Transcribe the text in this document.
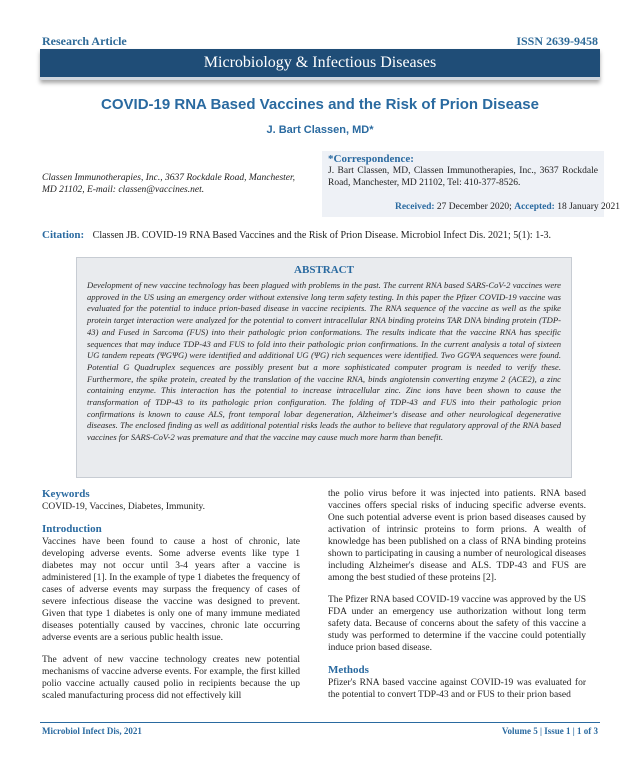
Research Article	ISSN 2639-9458
Microbiology & Infectious Diseases
COVID-19 RNA Based Vaccines and the Risk of Prion Disease
J. Bart Classen, MD*
Classen Immunotherapies, Inc., 3637 Rockdale Road, Manchester, MD 21102, E-mail: classen@vaccines.net.
*Correspondence:
J. Bart Classen, MD, Classen Immunotherapies, Inc., 3637 Rockdale Road, Manchester, MD 21102, Tel: 410-377-8526.
Received: 27 December 2020; Accepted: 18 January 2021
Citation: Classen JB. COVID-19 RNA Based Vaccines and the Risk of Prion Disease. Microbiol Infect Dis. 2021; 5(1): 1-3.
ABSTRACT
Development of new vaccine technology has been plagued with problems in the past. The current RNA based SARS-CoV-2 vaccines were approved in the US using an emergency order without extensive long term safety testing. In this paper the Pfizer COVID-19 vaccine was evaluated for the potential to induce prion-based disease in vaccine recipients. The RNA sequence of the vaccine as well as the spike protein target interaction were analyzed for the potential to convert intracellular RNA binding proteins TAR DNA binding protein (TDP-43) and Fused in Sarcoma (FUS) into their pathologic prion conformations. The results indicate that the vaccine RNA has specific sequences that may induce TDP-43 and FUS to fold into their pathologic prion confirmations. In the current analysis a total of sixteen UG tandem repeats (ΨGΨG) were identified and additional UG (ΨG) rich sequences were identified. Two GGΨA sequences were found. Potential G Quadruplex sequences are possibly present but a more sophisticated computer program is needed to verify these. Furthermore, the spike protein, created by the translation of the vaccine RNA, binds angiotensin converting enzyme 2 (ACE2), a zinc containing enzyme. This interaction has the potential to increase intracellular zinc. Zinc ions have been shown to cause the transformation of TDP-43 to its pathologic prion configuration. The folding of TDP-43 and FUS into their pathologic prion confirmations is known to cause ALS, front temporal lobar degeneration, Alzheimer's disease and other neurological degenerative diseases. The enclosed finding as well as additional potential risks leads the author to believe that regulatory approval of the RNA based vaccines for SARS-CoV-2 was premature and that the vaccine may cause much more harm than benefit.
Keywords
COVID-19, Vaccines, Diabetes, Immunity.
Introduction
Vaccines have been found to cause a host of chronic, late developing adverse events. Some adverse events like type 1 diabetes may not occur until 3-4 years after a vaccine is administered [1]. In the example of type 1 diabetes the frequency of cases of adverse events may surpass the frequency of cases of severe infectious disease the vaccine was designed to prevent. Given that type 1 diabetes is only one of many immune mediated diseases potentially caused by vaccines, chronic late occurring adverse events are a serious public health issue.
The advent of new vaccine technology creates new potential mechanisms of vaccine adverse events. For example, the first killed polio vaccine actually caused polio in recipients because the up scaled manufacturing process did not effectively kill
the polio virus before it was injected into patients. RNA based vaccines offers special risks of inducing specific adverse events. One such potential adverse event is prion based diseases caused by activation of intrinsic proteins to form prions. A wealth of knowledge has been published on a class of RNA binding proteins shown to participating in causing a number of neurological diseases including Alzheimer's disease and ALS. TDP-43 and FUS are among the best studied of these proteins [2].
The Pfizer RNA based COVID-19 vaccine was approved by the US FDA under an emergency use authorization without long term safety data. Because of concerns about the safety of this vaccine a study was performed to determine if the vaccine could potentially induce prion based disease.
Methods
Pfizer's RNA based vaccine against COVID-19 was evaluated for the potential to convert TDP-43 and or FUS to their prion based
Microbiol Infect Dis, 2021	Volume 5 | Issue 1 | 1 of 3
